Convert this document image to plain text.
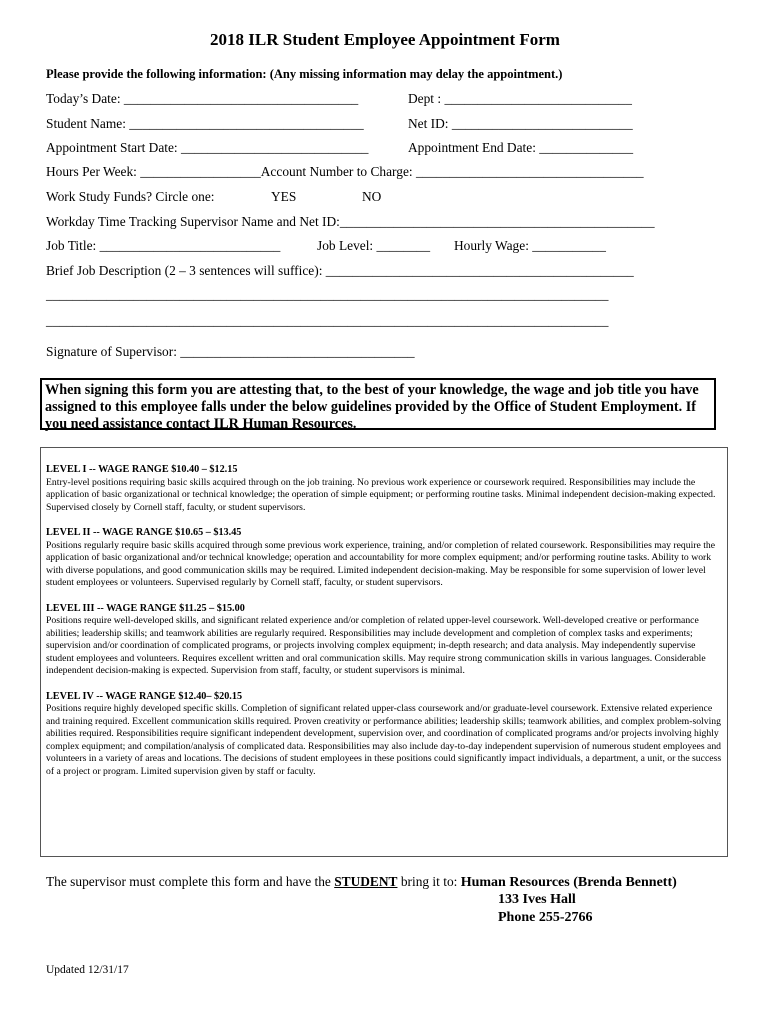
2018 ILR Student Employee Appointment Form
Please provide the following information: (Any missing information may delay the appointment.)
Today’s Date: ___________________________________	Dept : ____________________________
Student Name: ___________________________________	Net ID: ___________________________
Appointment Start Date: ____________________________	Appointment End Date: ______________
Hours Per Week: __________________Account Number to Charge: __________________________________
Work Study Funds? Circle one:	YES	NO
Workday Time Tracking Supervisor Name and Net ID:_______________________________________________
Job Title: ___________________________	Job Level: ________ Hourly Wage: ___________
Brief Job Description (2 – 3 sentences will suffice): ______________________________________________
____________________________________________________________________________________
____________________________________________________________________________________
Signature of Supervisor: ___________________________________
When signing this form you are attesting that, to the best of your knowledge, the wage and job title you have assigned to this employee falls under the below guidelines provided by the Office of Student Employment. If you need assistance contact ILR Human Resources.
LEVEL I -- WAGE RANGE $10.40 – $12.15

Entry-level positions requiring basic skills acquired through on the job training. No previous work experience or coursework required. Responsibilities may include the application of basic organizational or technical knowledge; the operation of simple equipment; or performing routine tasks. Minimal independent decision-making expected. Supervised closely by Cornell staff, faculty, or student supervisors.

LEVEL II -- WAGE RANGE $10.65 – $13.45

Positions regularly require basic skills acquired through some previous work experience, training, and/or completion of related coursework. Responsibilities may require the application of basic organizational and/or technical knowledge; operation and accountability for more complex equipment; and/or performing routine tasks. Ability to work with diverse populations, and good communication skills may be required. Limited independent decision-making. May be responsible for some supervision of lower level student employees or volunteers. Supervised regularly by Cornell staff, faculty, or student supervisors.

LEVEL III -- WAGE RANGE $11.25 – $15.00

Positions require well-developed skills, and significant related experience and/or completion of related upper-level coursework. Well-developed creative or performance abilities; leadership skills; and teamwork abilities are regularly required. Responsibilities may include development and completion of complex tasks and experiments; supervision and/or coordination of complicated programs, or projects involving complex equipment; in-depth research; and data analysis. May independently supervise student employees and volunteers. Requires excellent written and oral communication skills. May require strong communication skills in various languages. Considerable independent decision-making is expected. Supervision from staff, faculty, or student supervisors is minimal.

LEVEL IV -- WAGE RANGE $12.40– $20.15

Positions require highly developed specific skills. Completion of significant related upper-class coursework and/or graduate-level coursework. Extensive related experience and training required. Excellent communication skills required. Proven creativity or performance abilities; leadership skills; teamwork abilities, and complex problem-solving abilities required. Responsibilities require significant independent development, supervision over, and coordination of complicated programs and/or projects involving highly complex equipment; and compilation/analysis of complicated data. Responsibilities may also include day-to-day independent supervision of numerous student employees and volunteers in a variety of areas and locations. The decisions of student employees in these positions could significantly impact individuals, a department, a unit, or the success of a project or program. Limited supervision given by staff or faculty.

The supervisor must complete this form and have the STUDENT bring it to: Human Resources (Brenda Bennett)
133 Ives Hall
Phone 255-2766
Updated 12/31/17
